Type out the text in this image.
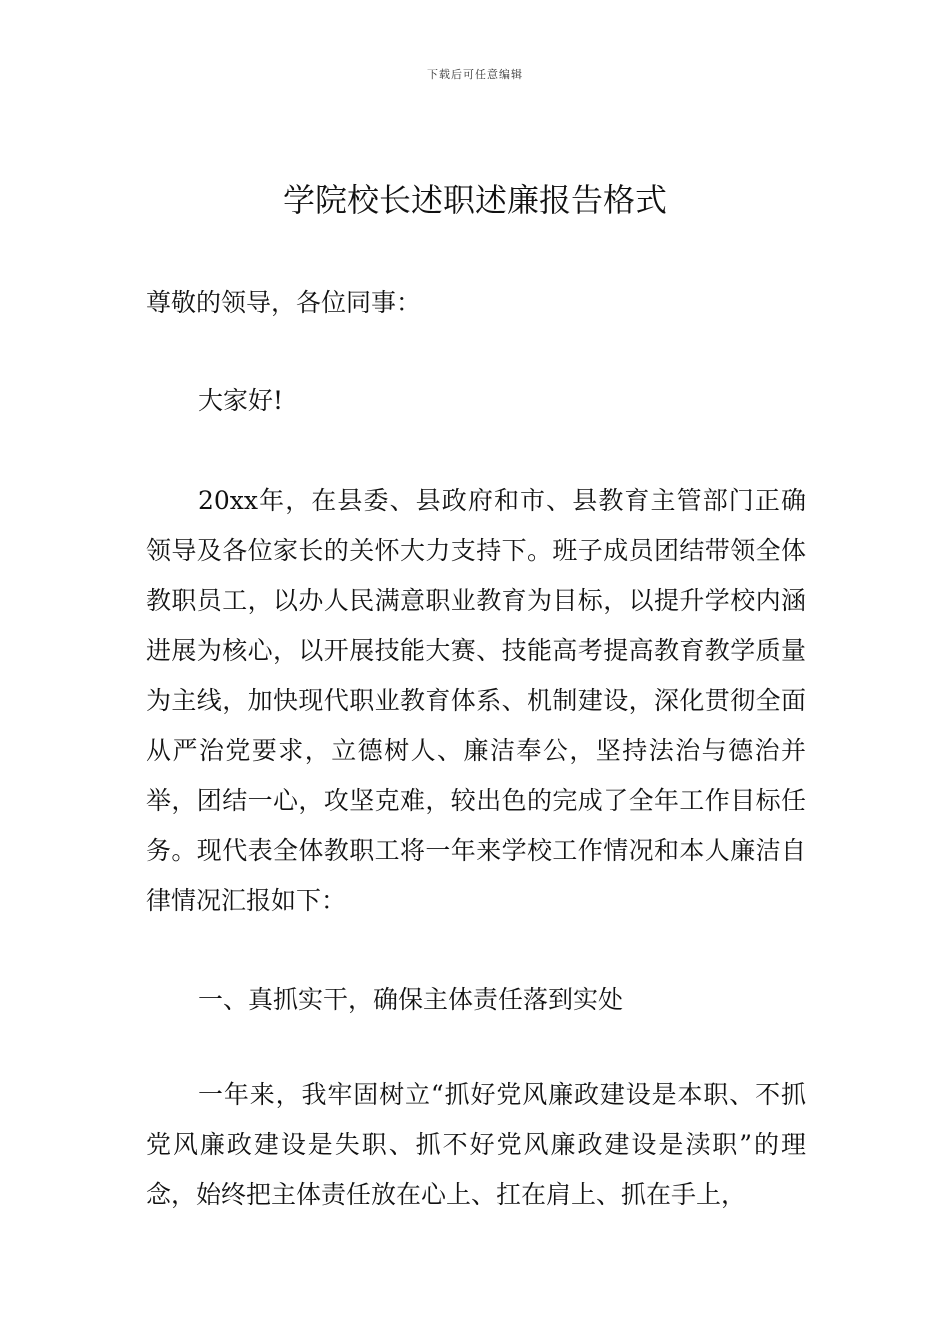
下载后可任意编辑
学院校长述职述廉报告格式

尊敬的领导，各位同事：

大家好!

20xx年，在县委、县政府和市、县教育主管部门正确领导及各位家长的关怀大力支持下。班子成员团结带领全体教职员工，以办人民满意职业教育为目标，以提升学校内涵进展为核心，以开展技能大赛、技能高考提高教育教学质量为主线，加快现代职业教育体系、机制建设，深化贯彻全面从严治党要求，立德树人、廉洁奉公，坚持法治与德治并举，团结一心，攻坚克难，较出色的完成了全年工作目标任务。现代表全体教职工将一年来学校工作情况和本人廉洁自律情况汇报如下：

一、真抓实干，确保主体责任落到实处

一年来，我牢固树立“抓好党风廉政建设是本职、不抓党风廉政建设是失职、抓不好党风廉政建设是渎职”的理念，始终把主体责任放在心上、扛在肩上、抓在手上，
